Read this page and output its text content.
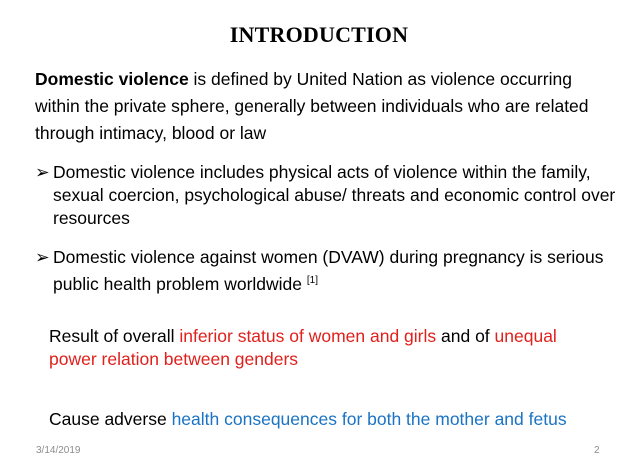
INTRODUCTION
Domestic violence is defined by United Nation as violence occurring within the private sphere, generally between individuals who are related through intimacy, blood or law
➢ Domestic violence includes physical acts of violence within the family, sexual coercion, psychological abuse/ threats and economic control over resources
➢ Domestic violence against women (DVAW) during pregnancy is serious public health problem worldwide [1]
Result of overall inferior status of women and girls and of unequal power relation between genders
Cause adverse health consequences for both the mother and fetus
3/14/2019	2
